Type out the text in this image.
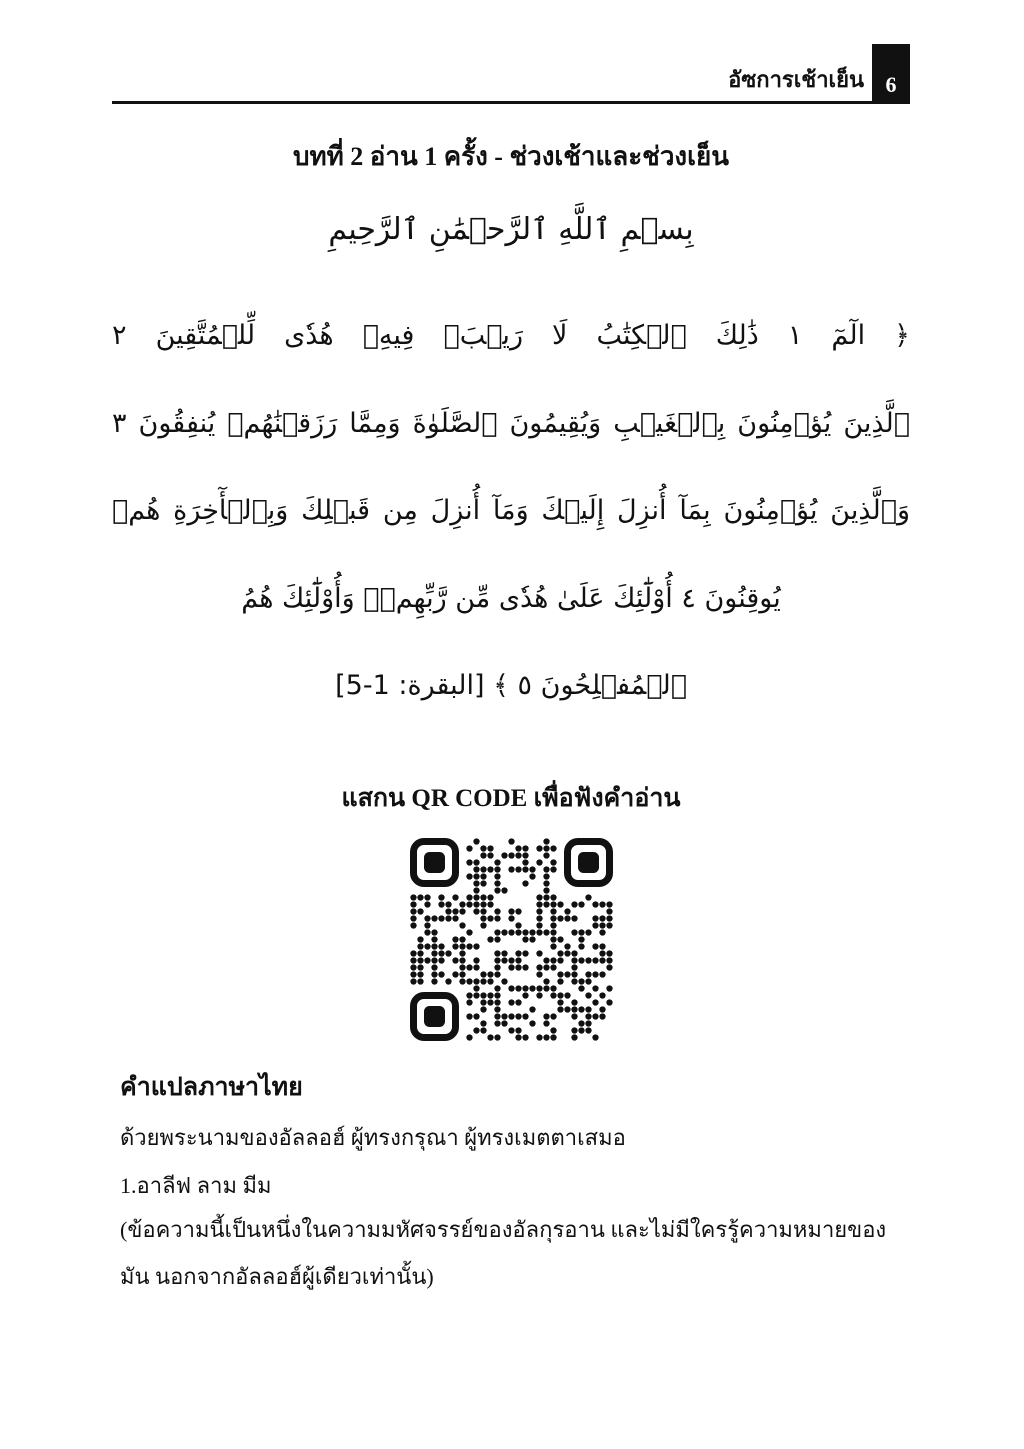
อัซการเช้าเย็น 6
บทที่ 2 อ่าน 1 ครั้ง - ช่วงเช้าและช่วงเย็น
بِسۡمِ ٱللَّهِ ٱلرَّحۡمَٰنِ ٱلرَّحِيمِ
﴿ الٓمٓ ١ ذَٰلِكَ ٱلۡكِتَٰبُ لَا رَيۡبَۛ فِيهِۛ هُدٗى لِّلۡمُتَّقِينَ ٢
ٱلَّذِينَ يُؤۡمِنُونَ بِٱلۡغَيۡبِ وَيُقِيمُونَ ٱلصَّلَوٰةَ وَمِمَّا رَزَقۡنَٰهُمۡ يُنفِقُونَ ٣
وَٱلَّذِينَ يُؤۡمِنُونَ بِمَآ أُنزِلَ إِلَيۡكَ وَمَآ أُنزِلَ مِن قَبۡلِكَ وَبِٱلۡأٓخِرَةِ هُمۡ
يُوقِنُونَ ٤ أُوْلَٰٓئِكَ عَلَىٰ هُدٗى مِّن رَّبِّهِمۡۖ وَأُوْلَٰٓئِكَ هُمُ
ٱلۡمُفۡلِحُونَ ٥ ﴾ [البقرة: 1-5]
แสกน QR CODE เพื่อฟังคำอ่าน
คำแปลภาษาไทย
ด้วยพระนามของอัลลอฮ์ ผู้ทรงกรุณา ผู้ทรงเมตตาเสมอ
1.อาลีฟ ลาม มีม
(ข้อความนี้เป็นหนึ่งในความมหัศจรรย์ของอัลกุรอาน และไม่มีใครรู้ความหมายของ
มัน นอกจากอัลลอฮ์ผู้เดียวเท่านั้น)
